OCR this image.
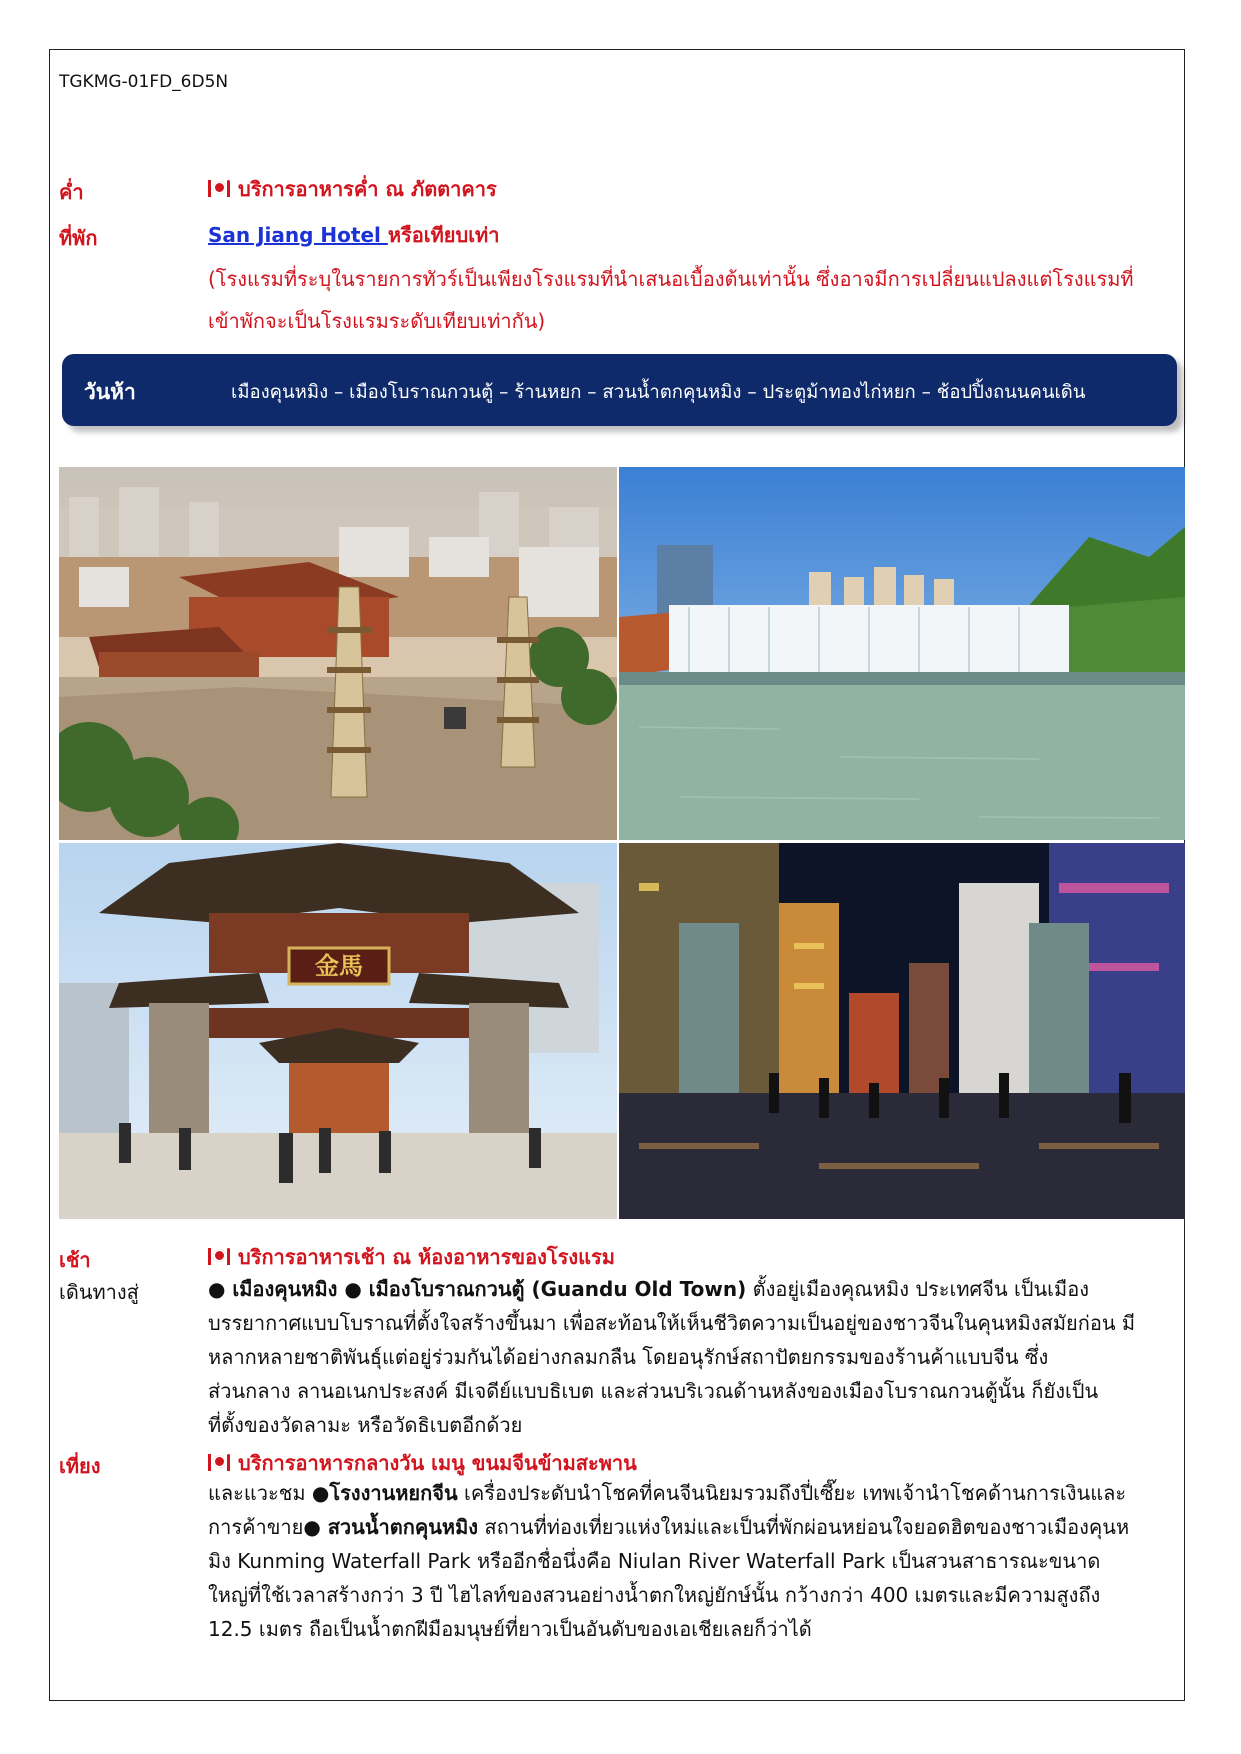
TGKMG-01FD_6D5N
ค่ำ	บริการอาหารค่ำ ณ ภัตตาคาร
ที่พัก	San Jiang Hotel หรือเทียบเท่า
(โรงแรมที่ระบุในรายการทัวร์เป็นเพียงโรงแรมที่นำเสนอเบื้องต้นเท่านั้น ซึ่งอาจมีการเปลี่ยนแปลงแต่โรงแรมที่
เข้าพักจะเป็นโรงแรมระดับเทียบเท่ากัน)
วันห้า	เมืองคุนหมิง – เมืองโบราณกวนตู้ – ร้านหยก – สวนน้ำตกคุนหมิง – ประตูม้าทองไก่หยก – ช้อปปิ้งถนนคนเดิน
金馬
เช้า	บริการอาหารเช้า ณ ห้องอาหารของโรงแรม
เดินทางสู่	● เมืองคุนหมิง ● เมืองโบราณกวนตู้ (Guandu Old Town) ตั้งอยู่เมืองคุณหมิง ประเทศจีน เป็นเมือง
บรรยากาศแบบโบราณที่ตั้งใจสร้างขึ้นมา เพื่อสะท้อนให้เห็นชีวิตความเป็นอยู่ของชาวจีนในคุนหมิงสมัยก่อน มี
หลากหลายชาติพันธุ์แต่อยู่ร่วมกันได้อย่างกลมกลืน โดยอนุรักษ์สถาปัตยกรรมของร้านค้าแบบจีน ซึ่ง
ส่วนกลาง ลานอเนกประสงค์ มีเจดีย์แบบธิเบต และส่วนบริเวณด้านหลังของเมืองโบราณกวนตู้นั้น ก็ยังเป็น
ที่ตั้งของวัดลามะ หรือวัดธิเบตอีกด้วย
เที่ยง	บริการอาหารกลางวัน เมนู ขนมจีนข้ามสะพาน
และแวะชม ●โรงงานหยกจีน เครื่องประดับนำโชคที่คนจีนนิยมรวมถึงปี่เซี๊ยะ เทพเจ้านำโชคด้านการเงินและ
การค้าขาย● สวนน้ำตกคุนหมิง สถานที่ท่องเที่ยวแห่งใหม่และเป็นที่พักผ่อนหย่อนใจยอดฮิตของชาวเมืองคุนห
มิง Kunming Waterfall Park หรืออีกชื่อนึ่งคือ Niulan River Waterfall Park เป็นสวนสาธารณะขนาด
ใหญ่ที่ใช้เวลาสร้างกว่า 3 ปี ไฮไลท์ของสวนอย่างน้ำตกใหญ่ยักษ์นั้น กว้างกว่า 400 เมตรและมีความสูงถึง
12.5 เมตร ถือเป็นน้ำตกฝีมือมนุษย์ที่ยาวเป็นอันดับของเอเชียเลยก็ว่าได้
